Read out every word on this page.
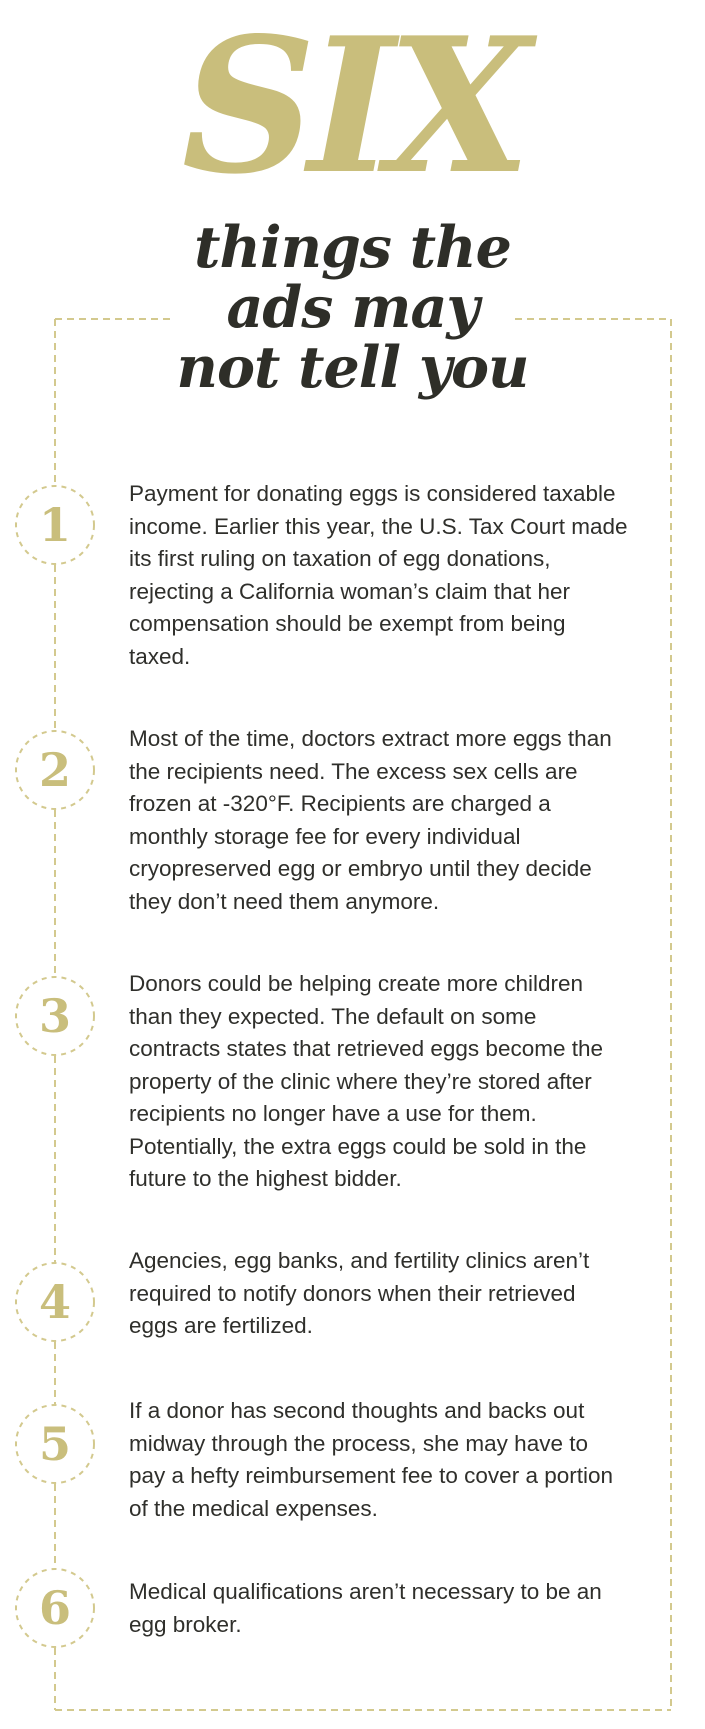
1
2
3
4
5
6
SIX
things the
ads may
not tell you
Payment for donating eggs is considered taxable income. Earlier this year, the U.S. Tax Court made its first ruling on taxation of egg donations, rejecting a California woman’s claim that her compensation should be exempt from being taxed.
Most of the time, doctors extract more eggs than the recipients need. The excess sex cells are frozen at -320°F. Recipients are charged a monthly storage fee for every individual cryopreserved egg or embryo until they decide they don’t need them anymore.
Donors could be helping create more children than they expected. The default on some contracts states that retrieved eggs become the property of the clinic where they’re stored after recipients no longer have a use for them. Potentially, the extra eggs could be sold in the future to the highest bidder.
Agencies, egg banks, and fertility clinics aren’t required to notify donors when their retrieved eggs are fertilized.
If a donor has second thoughts and backs out midway through the process, she may have to pay a hefty reimbursement fee to cover a portion of the medical expenses.
Medical qualifications aren’t necessary to be an egg broker.
